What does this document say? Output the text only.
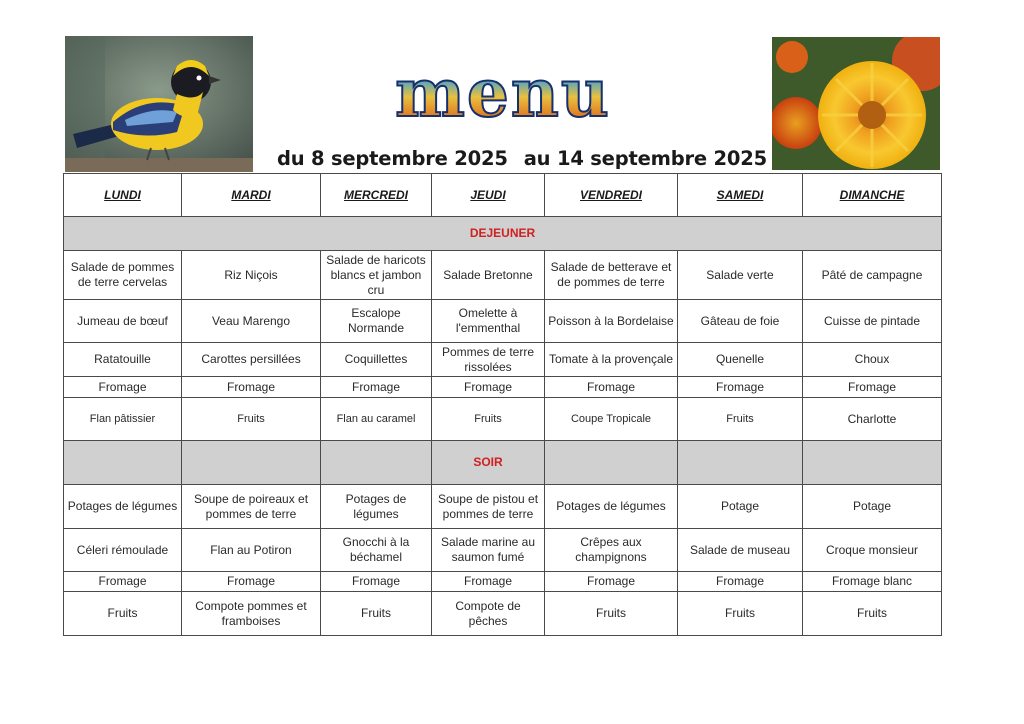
menu
du 8 septembre 2025 au 14 septembre 2025
LUNDI	MARDI	MERCREDI	JEUDI	VENDREDI	SAMEDI	DIMANCHE
DEJEUNER						
Salade de pommes de terre cervelas	Riz Niçois	Salade de haricots blancs et jambon cru	Salade Bretonne	Salade de betterave et de pommes de terre	Salade verte	Pâté de campagne
Jumeau de bœuf	Veau Marengo	Escalope Normande	Omelette à l'emmenthal	Poisson à la Bordelaise	Gâteau de foie	Cuisse de pintade
Ratatouille	Carottes persillées	Coquillettes	Pommes de terre rissolées	Tomate à la provençale	Quenelle	Choux
Fromage	Fromage	Fromage	Fromage	Fromage	Fromage	Fromage
Flan pâtissier	Fruits	Flan au caramel	Fruits	Coupe Tropicale	Fruits	Charlotte
			SOIR			
Potages de légumes	Soupe de poireaux et pommes de terre	Potages de légumes	Soupe de pistou et pommes de terre	Potages de légumes	Potage	Potage
Céleri rémoulade	Flan au Potiron	Gnocchi à la béchamel	Salade marine au saumon fumé	Crêpes aux champignons	Salade de museau	Croque monsieur
Fromage	Fromage	Fromage	Fromage	Fromage	Fromage	Fromage blanc
Fruits	Compote pommes et framboises	Fruits	Compote de pêches	Fruits	Fruits	Fruits
